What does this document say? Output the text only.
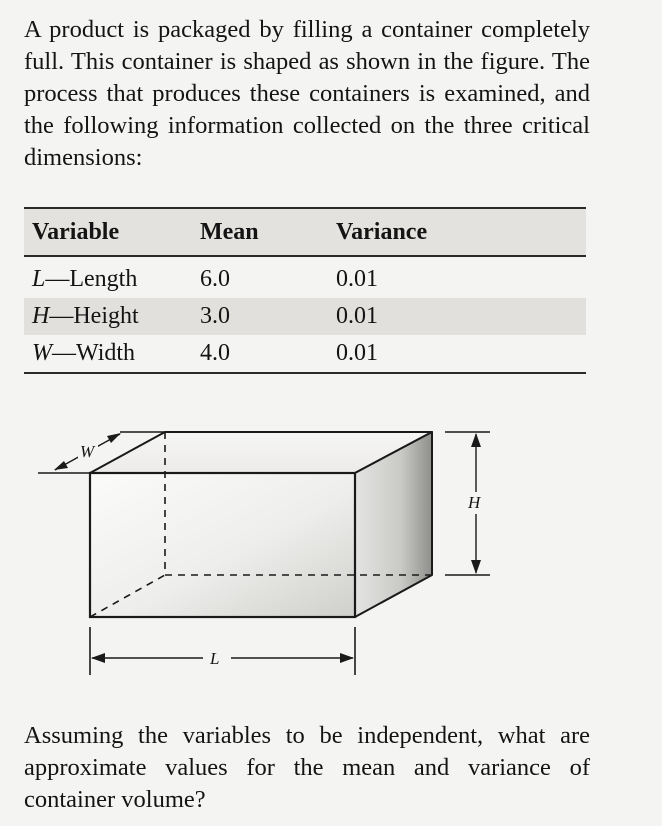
A product is packaged by filling a container completely full. This container is shaped as shown in the figure. The process that produces these containers is examined, and the following information collected on the three critical dimensions:

Variable	Mean	Variance
L—Length	6.0	0.01
H—Height	3.0	0.01
W—Width	4.0	0.01
W
H
L

Assuming the variables to be independent, what are approximate values for the mean and variance of container volume?
